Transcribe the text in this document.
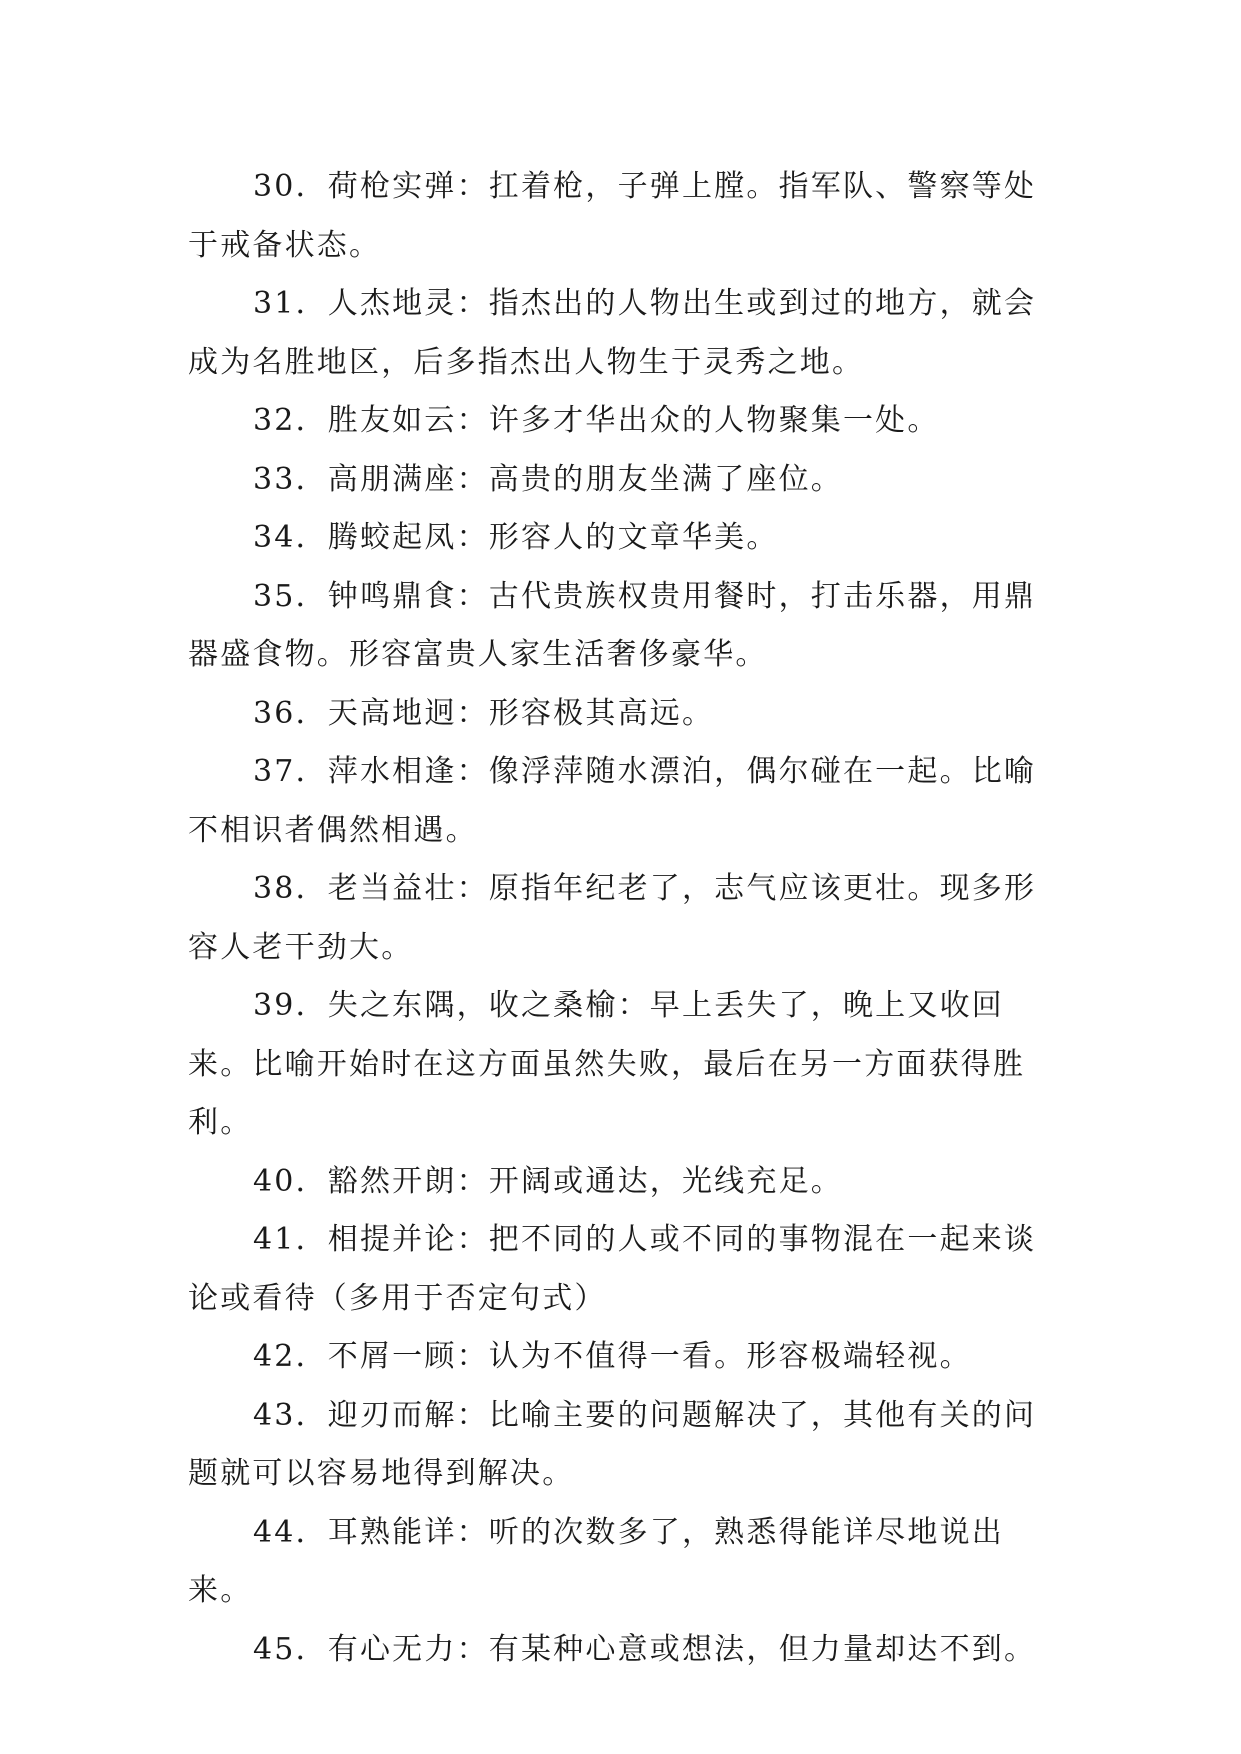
30．荷枪实弹：扛着枪，子弹上膛。指军队、警察等处于戒备状态。

31．人杰地灵：指杰出的人物出生或到过的地方，就会成为名胜地区，后多指杰出人物生于灵秀之地。

32．胜友如云：许多才华出众的人物聚集一处。

33．高朋满座：高贵的朋友坐满了座位。

34．腾蛟起凤：形容人的文章华美。

35．钟鸣鼎食：古代贵族权贵用餐时，打击乐器，用鼎器盛食物。形容富贵人家生活奢侈豪华。

36．天高地迥：形容极其高远。

37．萍水相逢：像浮萍随水漂泊，偶尔碰在一起。比喻不相识者偶然相遇。

38．老当益壮：原指年纪老了，志气应该更壮。现多形容人老干劲大。

39．失之东隅，收之桑榆：早上丢失了，晚上又收回来。比喻开始时在这方面虽然失败，最后在另一方面获得胜利。

40．豁然开朗：开阔或通达，光线充足。

41．相提并论：把不同的人或不同的事物混在一起来谈论或看待（多用于否定句式）

42．不屑一顾：认为不值得一看。形容极端轻视。

43．迎刃而解：比喻主要的问题解决了，其他有关的问题就可以容易地得到解决。

44．耳熟能详：听的次数多了，熟悉得能详尽地说出来。

45．有心无力：有某种心意或想法，但力量却达不到。
